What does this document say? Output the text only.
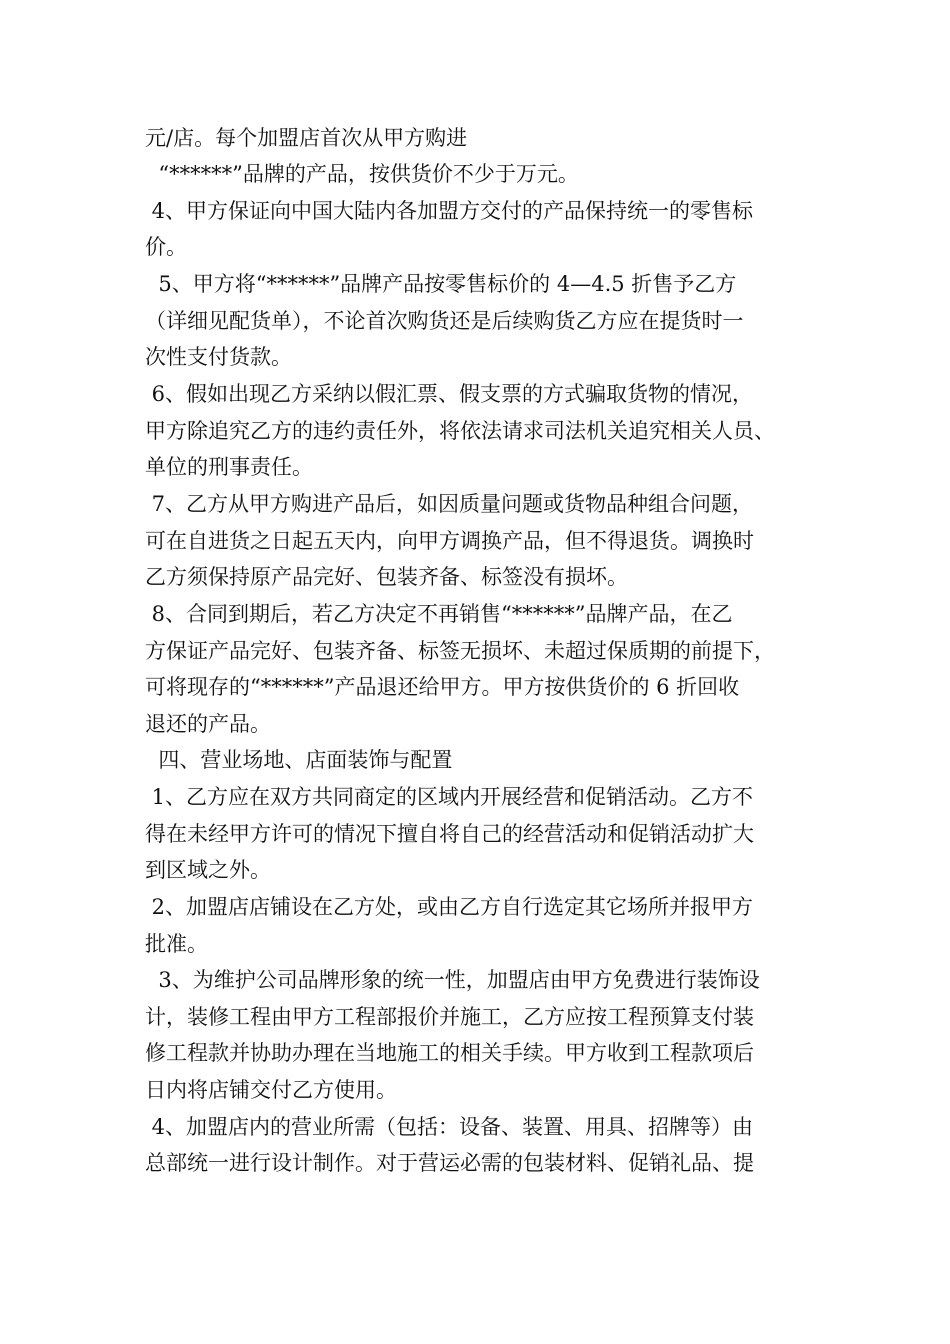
元/店。每个加盟店首次从甲方购进
“******”品牌的产品，按供货价不少于万元。
4、甲方保证向中国大陆内各加盟方交付的产品保持统一的零售标
价。
5、甲方将“******”品牌产品按零售标价的 4—4.5 折售予乙方
（详细见配货单），不论首次购货还是后续购货乙方应在提货时一
次性支付货款。
6、假如出现乙方采纳以假汇票、假支票的方式骗取货物的情况，
甲方除追究乙方的违约责任外，将依法请求司法机关追究相关人员、
单位的刑事责任。
7、乙方从甲方购进产品后，如因质量问题或货物品种组合问题，
可在自进货之日起五天内，向甲方调换产品，但不得退货。调换时
乙方须保持原产品完好、包装齐备、标签没有损坏。
8、合同到期后，若乙方决定不再销售“******”品牌产品，在乙
方保证产品完好、包装齐备、标签无损坏、未超过保质期的前提下，
可将现存的“******”产品退还给甲方。甲方按供货价的 6 折回收
退还的产品。
四、营业场地、店面装饰与配置
1、乙方应在双方共同商定的区域内开展经营和促销活动。乙方不
得在未经甲方许可的情况下擅自将自己的经营活动和促销活动扩大
到区域之外。
2、加盟店店铺设在乙方处，或由乙方自行选定其它场所并报甲方
批准。
3、为维护公司品牌形象的统一性，加盟店由甲方免费进行装饰设
计，装修工程由甲方工程部报价并施工，乙方应按工程预算支付装
修工程款并协助办理在当地施工的相关手续。甲方收到工程款项后
日内将店铺交付乙方使用。
4、加盟店内的营业所需（包括：设备、装置、用具、招牌等）由
总部统一进行设计制作。对于营运必需的包装材料、促销礼品、提
